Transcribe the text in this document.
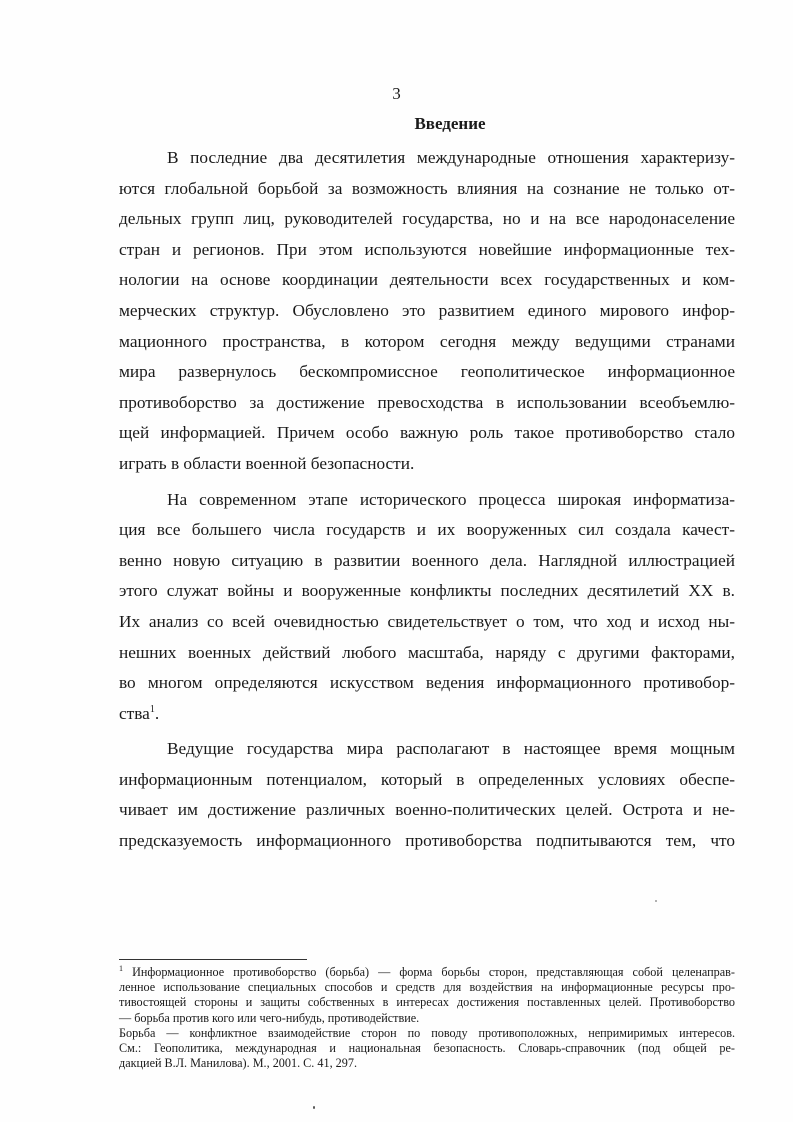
3
Введение
В последние два десятилетия международные отношения характеризу-
ются глобальной борьбой за возможность влияния на сознание не только от-
дельных групп лиц, руководителей государства, но и на все народонаселение
стран и регионов. При этом используются новейшие информационные тех-
нологии на основе координации деятельности всех государственных и ком-
мерческих структур. Обусловлено это развитием единого мирового инфор-
мационного пространства, в котором сегодня между ведущими странами
мира развернулось бескомпромиссное геополитическое информационное
противоборство за достижение превосходства в использовании всеобъемлю-
щей информацией. Причем особо важную роль такое противоборство стало
играть в области военной безопасности.
На современном этапе исторического процесса широкая информатиза-
ция все большего числа государств и их вооруженных сил создала качест-
венно новую ситуацию в развитии военного дела. Наглядной иллюстрацией
этого служат войны и вооруженные конфликты последних десятилетий XX в.
Их анализ со всей очевидностью свидетельствует о том, что ход и исход ны-
нешних военных действий любого масштаба, наряду с другими факторами,
во многом определяются искусством ведения информационного противобор-
ства$^1$.
Ведущие государства мира располагают в настоящее время мощным
информационным потенциалом, который в определенных условиях обеспе-
чивает им достижение различных военно-политических целей. Острота и не-
предсказуемость информационного противоборства подпитываются тем, что
$^1$ Информационное противоборство (борьба) — форма борьбы сторон, представляющая собой целенаправ-
ленное использование специальных способов и средств для воздействия на информационные ресурсы про-
тивостоящей стороны и защиты собственных в интересах достижения поставленных целей. Противоборство
— борьба против кого или чего-нибудь, противодействие.
Борьба — конфликтное взаимодействие сторон по поводу противоположных, непримиримых интересов.
См.: Геополитика, международная и национальная безопасность. Словарь-справочник (под общей ре-
дакцией В.Л. Манилова). М., 2001. С. 41, 297.
